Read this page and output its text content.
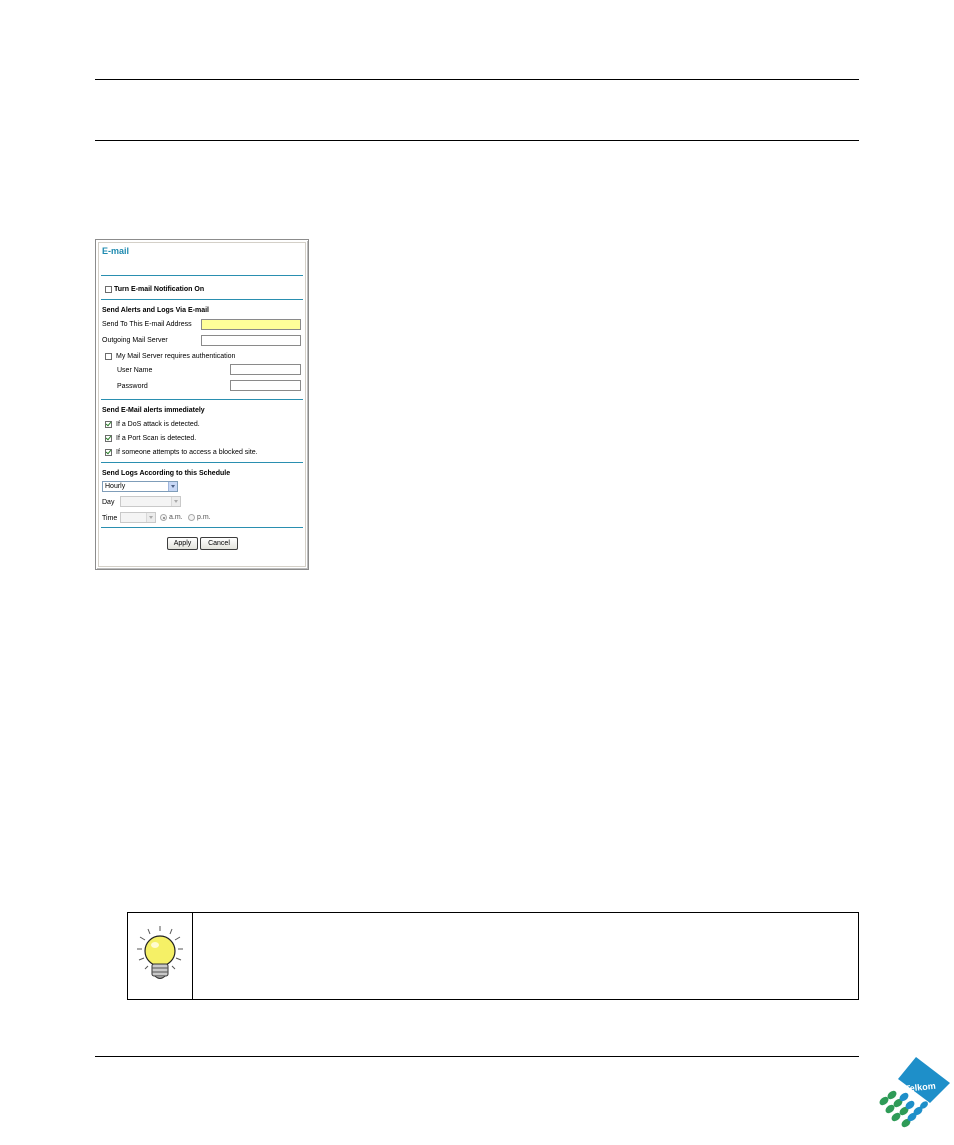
E-mail
Turn E-mail Notification On
Send Alerts and Logs Via E-mail
Send To This E-mail Address
Outgoing Mail Server
My Mail Server requires authentication
User Name
Password
Send E-Mail alerts immediately
If a DoS attack is detected.
If a Port Scan is detected.
If someone attempts to access a blocked site.
Send Logs According to this Schedule
Hourly
Day
Time	a.m. p.m.
Apply	Cancel
Telkom
